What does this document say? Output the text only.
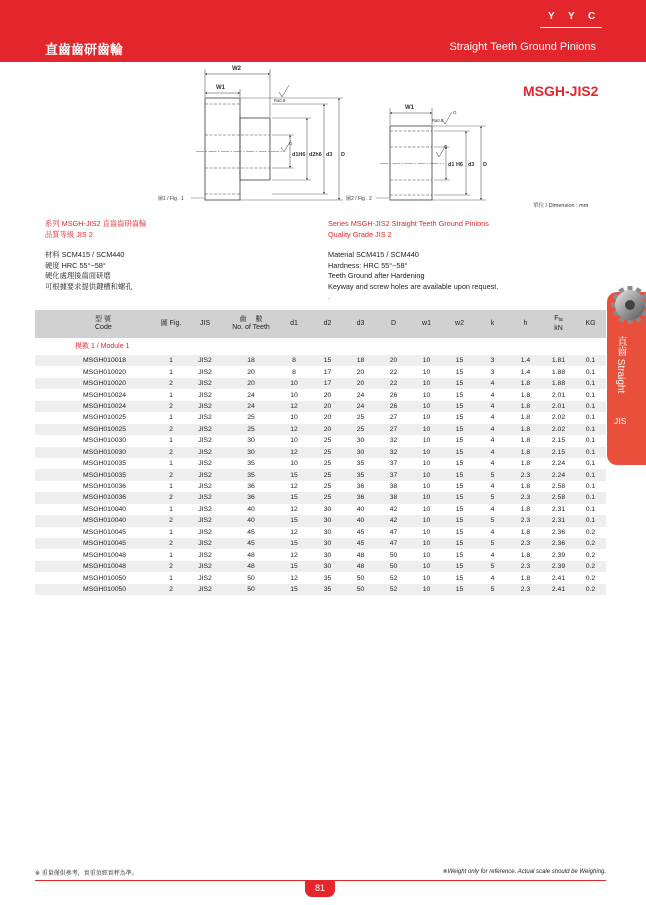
Y Y C
直齒齒研齒輪	Straight Teeth Ground Pinions
W2
W1
Ra0.8
G
d1H6 d2h6 d3 D
圖1 / Fig . 1
W1
Ra0.8
G
G
d1 H6 d3 D
圖2 / Fig . 2
MSGH-JIS2
單位 / Dimension : mm
系列 MSGH-JIS2 直齒齒研齒輪
品質等級 JIS 2
材料 SCM415 / SCM440
硬度 HRC 55°~58°
硬化處理後齒面研磨
可根據要求提供鍵槽和螺孔
Series MSGH-JIS2 Straight Teeth Ground Pinions
Quality Grade JIS 2
Material SCM415 / SCM440
Hardness: HRC 55°~58°
Teeth Ground after Hardening
Keyway and screw holes are available upon request.
.
直齒 Straight
JIS
型 號
Code	圖 Fig.	JIS	齒　 數
No. of Teeth	d1	d2	d3	D	w1	w2	k	h	$F_{ta}$
kN	KG
模數 1 / Module 1													
MSGH010018	1	JIS2	18	8	15	18	20	10	15	3	1.4	1.81	0.1
MSGH010020	1	JIS2	20	8	17	20	22	10	15	3	1.4	1.88	0.1
MSGH010020	2	JIS2	20	10	17	20	22	10	15	4	1.8	1.88	0.1
MSGH010024	1	JIS2	24	10	20	24	26	10	15	4	1.8	2.01	0.1
MSGH010024	2	JIS2	24	12	20	24	26	10	15	4	1.8	2.01	0.1
MSGH010025	1	JIS2	25	10	20	25	27	10	15	4	1.8	2.02	0.1
MSGH010025	2	JIS2	25	12	20	25	27	10	15	4	1.8	2.02	0.1
MSGH010030	1	JIS2	30	10	25	30	32	10	15	4	1.8	2.15	0.1
MSGH010030	2	JIS2	30	12	25	30	32	10	15	4	1.8	2.15	0.1
MSGH010035	1	JIS2	35	10	25	35	37	10	15	4	1.8	2.24	0.1
MSGH010035	2	JIS2	35	15	25	35	37	10	15	5	2.3	2.24	0.1
MSGH010036	1	JIS2	36	12	25	36	38	10	15	4	1.8	2.58	0.1
MSGH010036	2	JIS2	36	15	25	36	38	10	15	5	2.3	2.58	0.1
MSGH010040	1	JIS2	40	12	30	40	42	10	15	4	1.8	2.31	0.1
MSGH010040	2	JIS2	40	15	30	40	42	10	15	5	2.3	2.31	0.1
MSGH010045	1	JIS2	45	12	30	45	47	10	15	4	1.8	2.36	0.2
MSGH010045	2	JIS2	45	15	30	45	47	10	15	5	2.3	2.36	0.2
MSGH010048	1	JIS2	48	12	30	48	50	10	15	4	1.8	2.39	0.2
MSGH010048	2	JIS2	48	15	30	48	50	10	15	5	2.3	2.39	0.2
MSGH010050	1	JIS2	50	12	35	50	52	10	15	4	1.8	2.41	0.2
MSGH010050	2	JIS2	50	15	35	50	52	10	15	5	2.3	2.41	0.2
※ 重量僅供參考，實重須經實秤為準。	※Weight only for reference. Actual scale should be Weighing.
81
